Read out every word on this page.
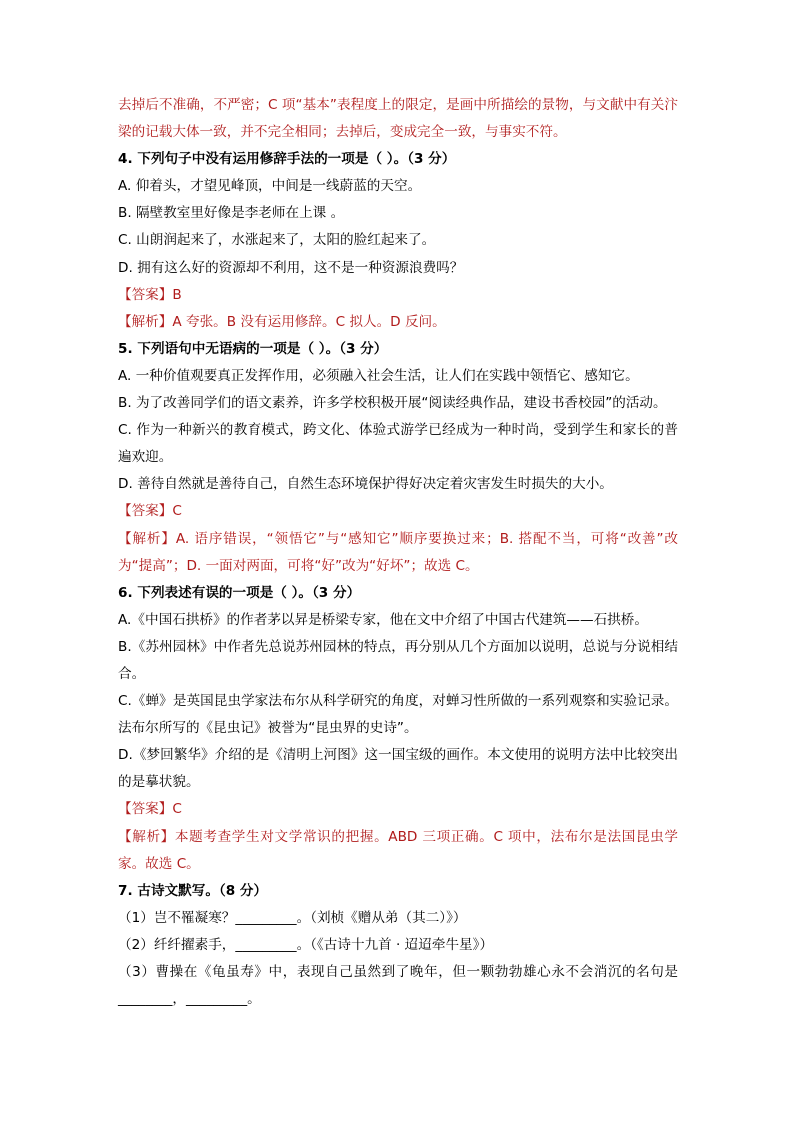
去掉后不准确，不严密；C 项“基本”表程度上的限定，是画中所描绘的景物，与文献中有关汴梁的记载大体一致，并不完全相同；去掉后，变成完全一致，与事实不符。

4. 下列句子中没有运用修辞手法的一项是（ ）。（3 分）

A. 仰着头，才望见峰顶，中间是一线蔚蓝的天空。

B. 隔壁教室里好像是李老师在上课 。

C. 山朗润起来了，水涨起来了，太阳的脸红起来了。

D. 拥有这么好的资源却不利用，这不是一种资源浪费吗？

【答案】B

【解析】A 夸张。B 没有运用修辞。C 拟人。D 反问。

5. 下列语句中无语病的一项是（ ）。（3 分）

A. 一种价值观要真正发挥作用，必须融入社会生活，让人们在实践中领悟它、感知它。

B. 为了改善同学们的语文素养，许多学校积极开展“阅读经典作品，建设书香校园”的活动。

C. 作为一种新兴的教育模式，跨文化、体验式游学已经成为一种时尚，受到学生和家长的普遍欢迎。

D. 善待自然就是善待自己，自然生态环境保护得好决定着灾害发生时损失的大小。

【答案】C

【解析】A. 语序错误，“领悟它”与“感知它”顺序要换过来；B. 搭配不当，可将“改善”改为“提高”；D. 一面对两面，可将“好”改为“好坏”；故选 C。

6. 下列表述有误的一项是（ ）。（3 分）

A.《中国石拱桥》的作者茅以昇是桥梁专家，他在文中介绍了中国古代建筑——石拱桥。

B.《苏州园林》中作者先总说苏州园林的特点，再分别从几个方面加以说明，总说与分说相结合。

C.《蝉》是英国昆虫学家法布尔从科学研究的角度，对蝉习性所做的一系列观察和实验记录。法布尔所写的《昆虫记》被誉为“昆虫界的史诗”。

D.《梦回繁华》介绍的是《清明上河图》这一国宝级的画作。本文使用的说明方法中比较突出的是摹状貌。

【答案】C

【解析】本题考查学生对文学常识的把握。ABD 三项正确。C 项中，法布尔是法国昆虫学家。故选 C。

7. 古诗文默写。（8 分）

（1）岂不罹凝寒？_________。（刘桢《赠从弟（其二）》）

（2）纤纤擢素手，_________。（《古诗十九首 · 迢迢牵牛星》）

（3）曹操在《龟虽寿》中，表现自己虽然到了晚年，但一颗勃勃雄心永不会消沉的名句是________，_________。
